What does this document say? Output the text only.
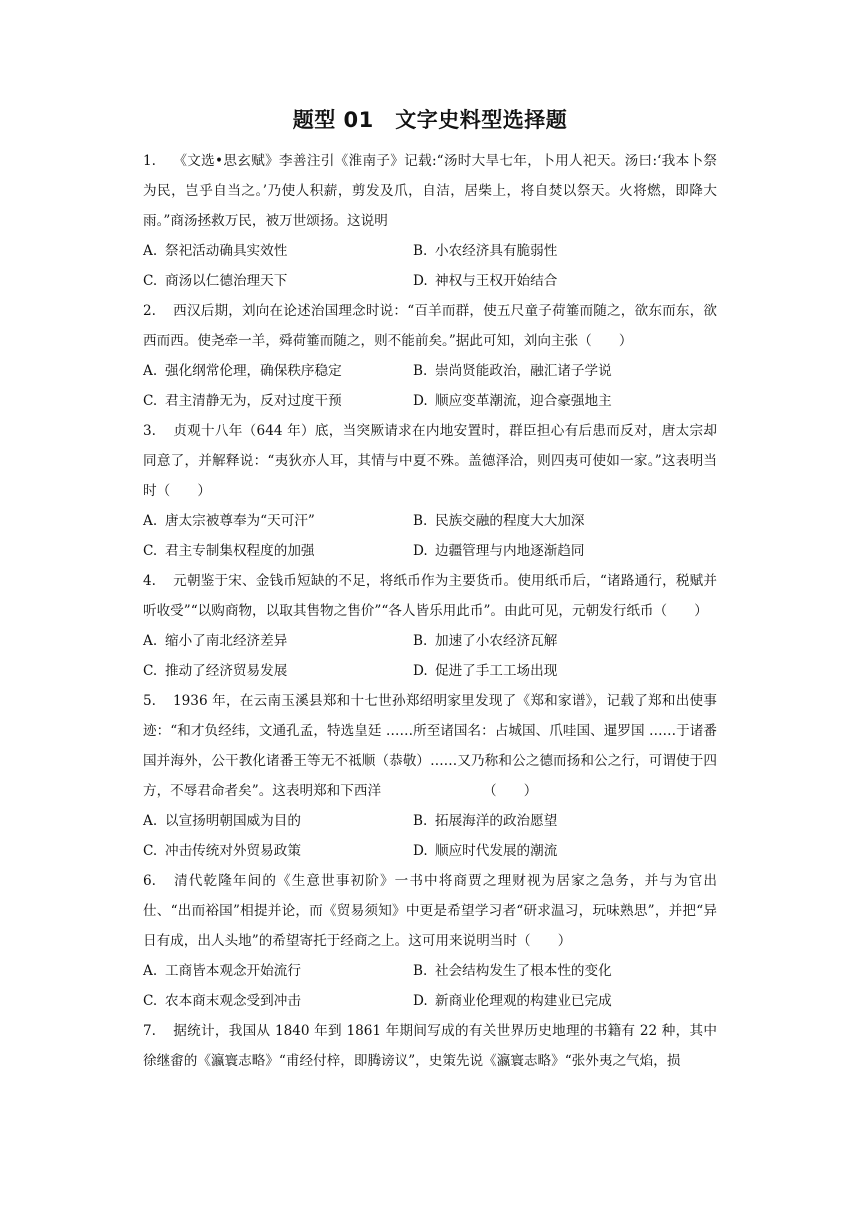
题型 01　文字史料型选择题

1. 《文选•思玄赋》李善注引《淮南子》记载:“汤时大旱七年，卜用人祀天。汤曰:‘我本卜祭为民，岂乎自当之。’乃使人积薪，剪发及爪，自洁，居柴上，将自焚以祭天。火将燃，即降大雨。”商汤拯救万民，被万世颂扬。这说明

A. 祭祀活动确具实效性	B. 小农经济具有脆弱性
C. 商汤以仁德治理天下	D. 神权与王权开始结合

2. 西汉后期，刘向在论述治国理念时说：“百羊而群，使五尺童子荷箠而随之，欲东而东，欲西而西。使尧牵一羊，舜荷箠而随之，则不能前矣。”据此可知，刘向主张（　　）

A. 强化纲常伦理，确保秩序稳定	B. 崇尚贤能政治，融汇诸子学说
C. 君主清静无为，反对过度干预	D. 顺应变革潮流，迎合豪强地主

3. 贞观十八年（644 年）底，当突厥请求在内地安置时，群臣担心有后患而反对，唐太宗却同意了，并解释说：“夷狄亦人耳，其情与中夏不殊。盖德泽洽，则四夷可使如一家。”这表明当时（　　）

A. 唐太宗被尊奉为“天可汗”	B. 民族交融的程度大大加深
C. 君主专制集权程度的加强	D. 边疆管理与内地逐渐趋同

4. 元朝鉴于宋、金钱币短缺的不足，将纸币作为主要货币。使用纸币后，“诸路通行，税赋并听收受”“以购商物，以取其售物之售价”“各人皆乐用此币”。由此可见，元朝发行纸币（　　）

A. 缩小了南北经济差异	B. 加速了小农经济瓦解
C. 推动了经济贸易发展	D. 促进了手工工场出现

5. 1936 年，在云南玉溪县郑和十七世孙郑绍明家里发现了《郑和家谱》，记载了郑和出使事迹：“和才负经纬，文通孔孟，特选皇廷 ……所至诸国名：占城国、爪哇国、暹罗国 ……于诸番国并海外，公干教化诸番王等无不祗顺（恭敬）……又乃称和公之德而扬和公之行，可谓使于四方，不辱君命者矣”。这表明郑和下西洋　　　　　　　　（　　）

A. 以宣扬明朝国威为目的	B. 拓展海洋的政治愿望
C. 冲击传统对外贸易政策	D. 顺应时代发展的潮流

6. 清代乾隆年间的《生意世事初阶》一书中将商贾之理财视为居家之急务，并与为官出仕、“出而裕国”相提并论，而《贸易须知》中更是希望学习者“研求温习，玩味熟思”，并把“异日有成，出人头地”的希望寄托于经商之上。这可用来说明当时（　　）

A. 工商皆本观念开始流行	B. 社会结构发生了根本性的变化
C. 农本商末观念受到冲击	D. 新商业伦理观的构建业已完成

7. 据统计，我国从 1840 年到 1861 年期间写成的有关世界历史地理的书籍有 22 种，其中徐继畬的《瀛寰志略》“甫经付梓，即腾谤议”，史策先说《瀛寰志略》“张外夷之气焰，损
